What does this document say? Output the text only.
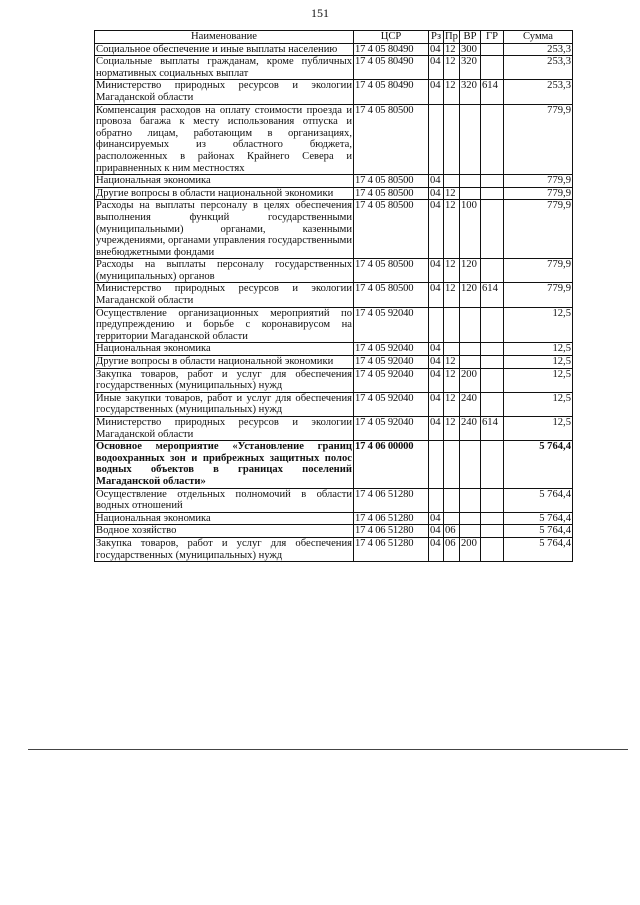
151
Наименование	ЦСР	Рз	Пр	ВР	ГР	Сумма
Социальное обеспечение и иные выплаты населению	17 4 05 80490	04	12	300		253,3
Социальные выплаты гражданам, кроме публичных нормативных социальных выплат	17 4 05 80490	04	12	320		253,3
Министерство природных ресурсов и экологии Магаданской области	17 4 05 80490	04	12	320	614	253,3
Компенсация расходов на оплату стоимости проезда и провоза багажа к месту использования отпуска и обратно лицам, работающим в организациях, финансируемых из областного бюджета, расположенных в районах Крайнего Севера и приравненных к ним местностях	17 4 05 80500					779,9
Национальная экономика	17 4 05 80500	04				779,9
Другие вопросы в области национальной экономики	17 4 05 80500	04	12			779,9
Расходы на выплаты персоналу в целях обеспечения выполнения функций государственными (муниципальными) органами, казенными учреждениями, органами управления государственными внебюджетными фондами	17 4 05 80500	04	12	100		779,9
Расходы на выплаты персоналу государственных (муниципальных) органов	17 4 05 80500	04	12	120		779,9
Министерство природных ресурсов и экологии Магаданской области	17 4 05 80500	04	12	120	614	779,9
Осуществление организационных мероприятий по предупреждению и борьбе с коронавирусом на территории Магаданской области	17 4 05 92040					12,5
Национальная экономика	17 4 05 92040	04				12,5
Другие вопросы в области национальной экономики	17 4 05 92040	04	12			12,5
Закупка товаров, работ и услуг для обеспечения государственных (муниципальных) нужд	17 4 05 92040	04	12	200		12,5
Иные закупки товаров, работ и услуг для обеспечения государственных (муниципальных) нужд	17 4 05 92040	04	12	240		12,5
Министерство природных ресурсов и экологии Магаданской области	17 4 05 92040	04	12	240	614	12,5
Основное мероприятие «Установление границ водоохранных зон и прибрежных защитных полос водных объектов в границах поселений Магаданской области»	17 4 06 00000					5 764,4
Осуществление отдельных полномочий в области водных отношений	17 4 06 51280					5 764,4
Национальная экономика	17 4 06 51280	04				5 764,4
Водное хозяйство	17 4 06 51280	04	06			5 764,4
Закупка товаров, работ и услуг для обеспечения государственных (муниципальных) нужд	17 4 06 51280	04	06	200		5 764,4
